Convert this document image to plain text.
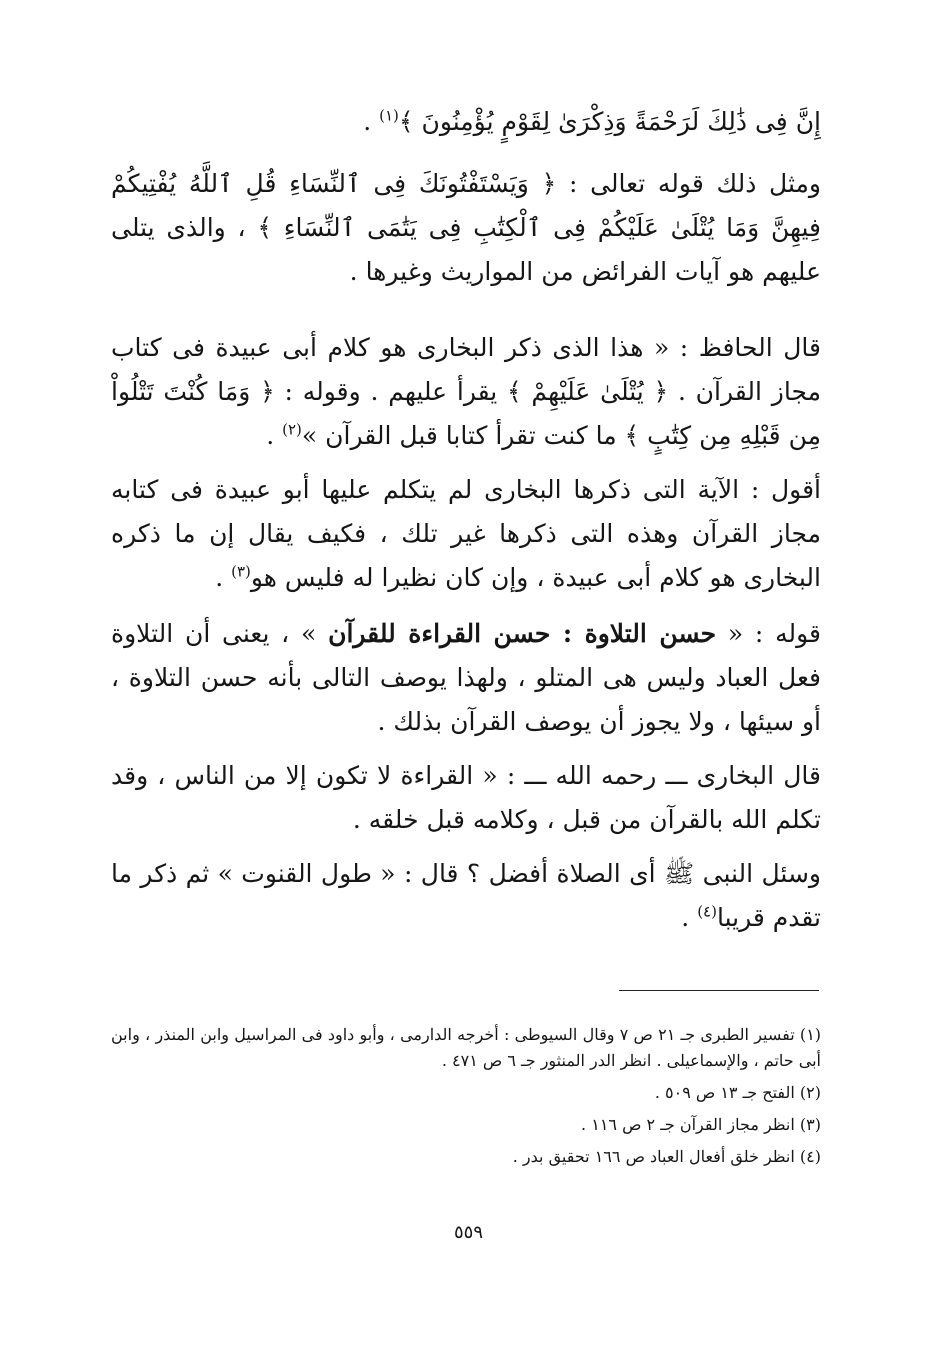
إِنَّ فِى ذَٰلِكَ لَرَحْمَةً وَذِكْرَىٰ لِقَوْمٍ يُؤْمِنُونَ ﴾$^{(١)}$ .

ومثل ذلك قوله تعالى : ﴿ وَيَسْتَفْتُونَكَ فِى ٱلنِّسَاءِ قُلِ ٱللَّهُ يُفْتِيكُمْ فِيهِنَّ وَمَا يُتْلَىٰ عَلَيْكُمْ فِى ٱلْكِتَٰبِ فِى يَتَٰمَى ٱلنِّسَاءِ ﴾ ، والذى يتلى عليهم هو آيات الفرائض من المواريث وغيرها .

قال الحافظ : « هذا الذى ذكر البخارى هو كلام أبى عبيدة فى كتاب مجاز القرآن . ﴿ يُتْلَىٰ عَلَيْهِمْ ﴾ يقرأ عليهم . وقوله : ﴿ وَمَا كُنْتَ تَتْلُواْ مِن قَبْلِهِ مِن كِتَٰبٍ ﴾ ما كنت تقرأ كتابا قبل القرآن »$^{(٢)}$ .

أقول : الآية التى ذكرها البخارى لم يتكلم عليها أبو عبيدة فى كتابه مجاز القرآن وهذه التى ذكرها غير تلك ، فكيف يقال إن ما ذكره البخارى هو كلام أبى عبيدة ، وإن كان نظيرا له فليس هو$^{(٣)}$ .

قوله : « حسن التلاوة : حسن القراءة للقرآن » ، يعنى أن التلاوة فعل العباد وليس هى المتلو ، ولهذا يوصف التالى بأنه حسن التلاوة ، أو سيئها ، ولا يجوز أن يوصف القرآن بذلك .

قال البخارى ـــ رحمه الله ـــ : « القراءة لا تكون إلا من الناس ، وقد تكلم الله بالقرآن من قبل ، وكلامه قبل خلقه .

وسئل النبى ﷺ أى الصلاة أفضل ؟ قال : « طول القنوت » ثم ذكر ما تقدم قريبا$^{(٤)}$ .

(١) تفسير الطبرى جـ ٢١ ص ٧ وقال السيوطى : أخرجه الدارمى ، وأبو داود فى المراسيل وابن المنذر ، وابن أبى حاتم ، والإسماعيلى . انظر الدر المنثور جـ ٦ ص ٤٧١ .

(٢) الفتح جـ ١٣ ص ٥٠٩ .

(٣) انظر مجاز القرآن جـ ٢ ص ١١٦ .

(٤) انظر خلق أفعال العباد ص ١٦٦ تحقيق بدر .

٥٥٩
